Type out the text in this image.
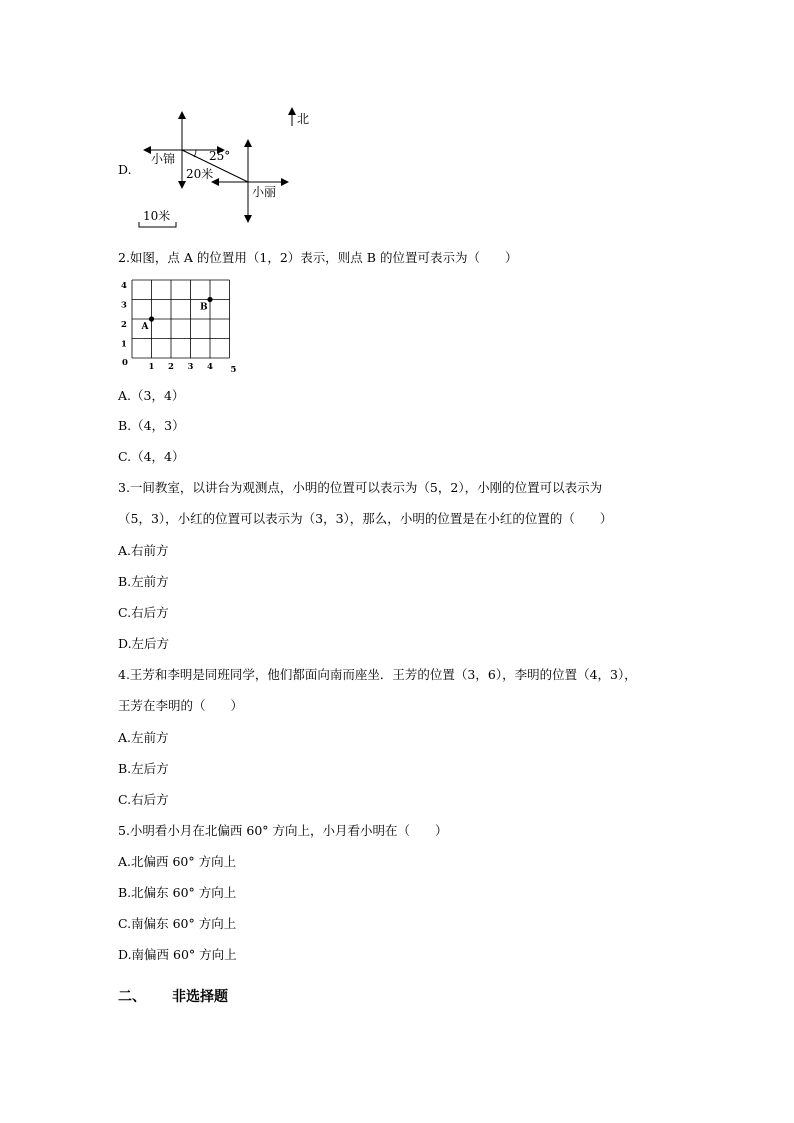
D.
小锦	25°
20米
小丽
10米
北
2.如图，点 A 的位置用（1，2）表示，则点 B 的位置可表示为（　　）
1 2 3 4 5
4
3
2
1
0
A
B
A.（3，4）
B.（4，3）
C.（4，4）
3.一间教室，以讲台为观测点，小明的位置可以表示为（5，2），小刚的位置可以表示为
（5，3），小红的位置可以表示为（3，3），那么，小明的位置是在小红的位置的（　　）
A.右前方
B.左前方
C.右后方
D.左后方
4.王芳和李明是同班同学，他们都面向南而座坐．王芳的位置（3，6），李明的位置（4，3），
王芳在李明的（　　）
A.左前方
B.左后方
C.右后方
5.小明看小月在北偏西 60° 方向上，小月看小明在（　　）
A.北偏西 60° 方向上
B.北偏东 60° 方向上
C.南偏东 60° 方向上
D.南偏西 60° 方向上
二、 非选择题
